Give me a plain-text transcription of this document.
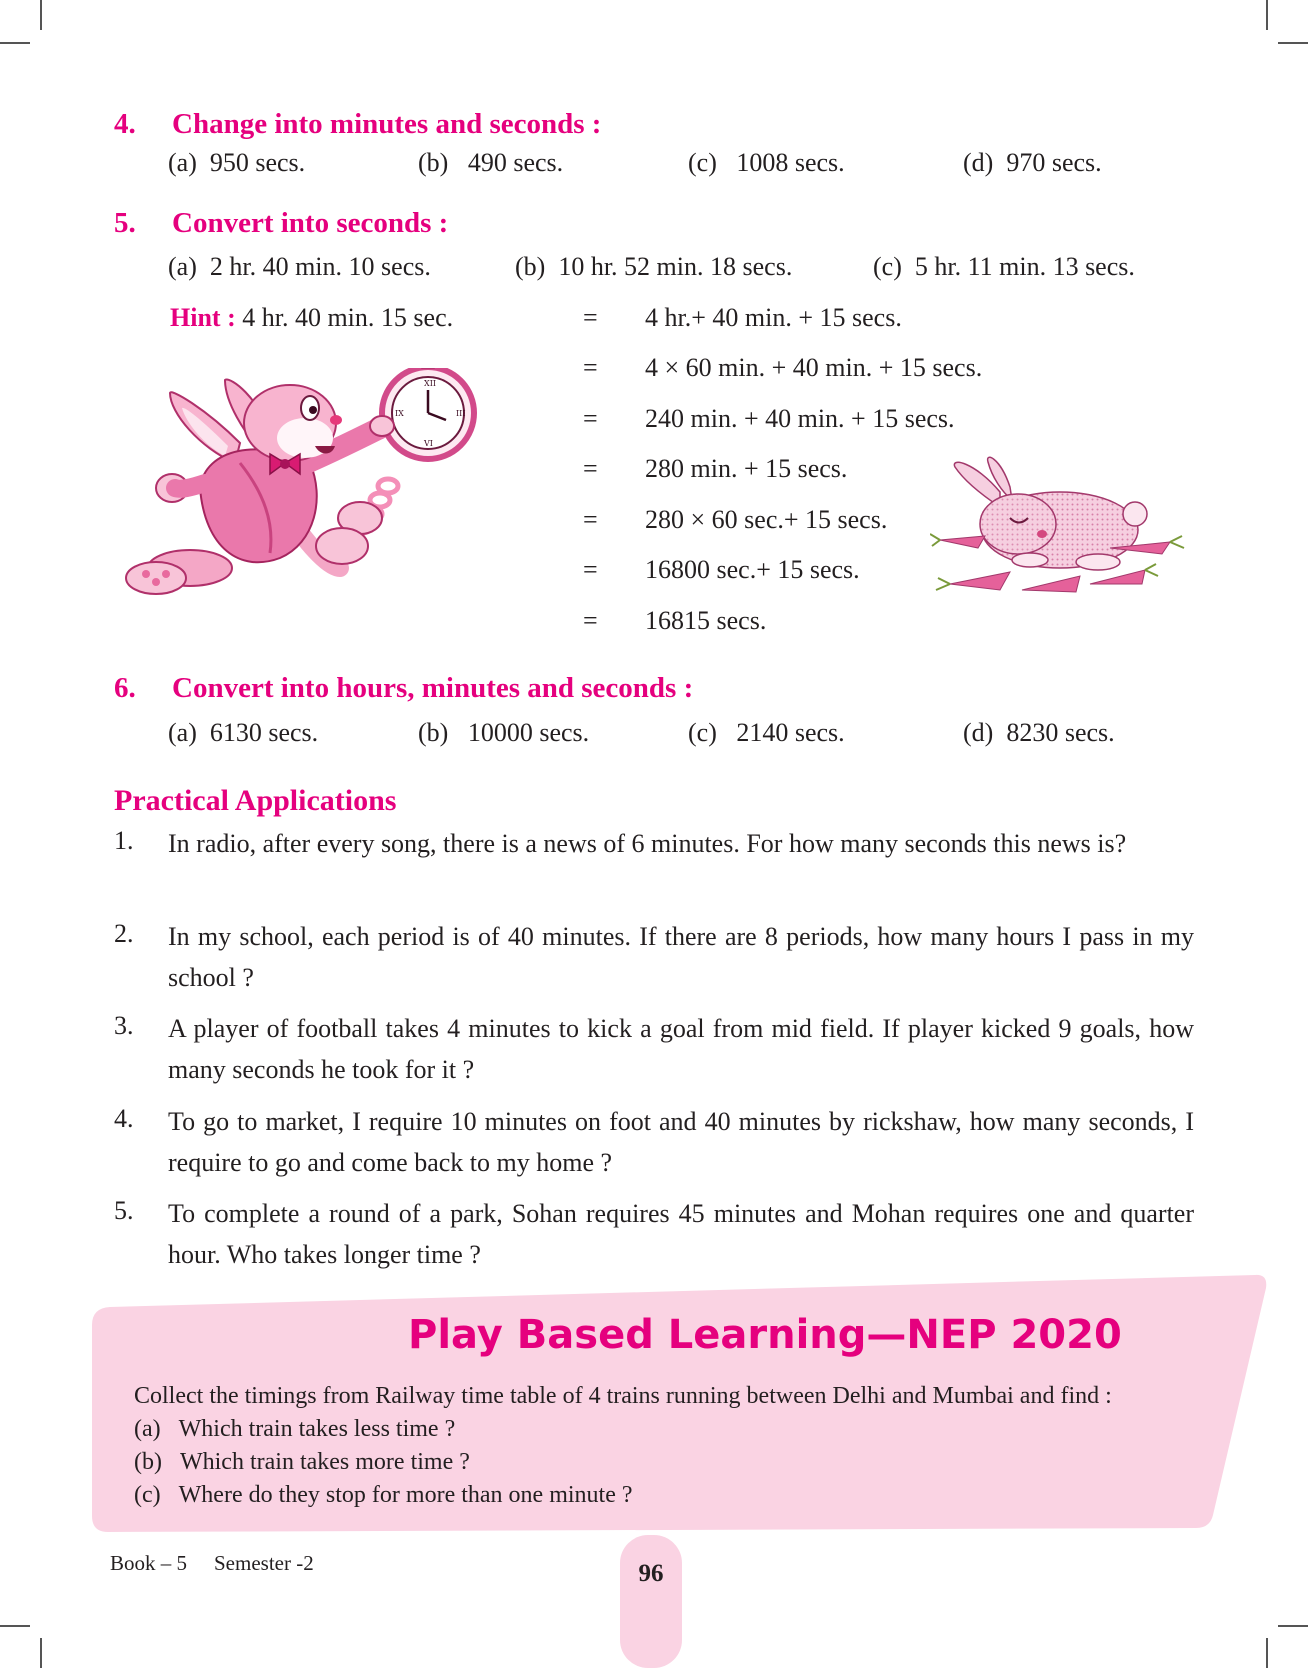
4. Change into minutes and seconds :
(a) 950 secs.	(b) 490 secs.	(c) 1008 secs.	(d) 970 secs.
5. Convert into seconds :
(a) 2 hr. 40 min. 10 secs.	(b) 10 hr. 52 min. 18 secs.	(c) 5 hr. 11 min. 13 secs.
Hint : 4 hr. 40 min. 15 sec.	= 4 hr.+ 40 min. + 15 secs.
= 4 × 60 min. + 40 min. + 15 secs.
= 240 min. + 40 min. + 15 secs.
= 280 min. + 15 secs.
= 280 × 60 sec.+ 15 secs.
= 16800 sec.+ 15 secs.
= 16815 secs.
XII
III
VI
IX
6. Convert into hours, minutes and seconds :
(a) 6130 secs.	(b) 10000 secs.	(c) 2140 secs.	(d) 8230 secs.
Practical Applications
1. In radio, after every song, there is a news of 6 minutes. For how many seconds this news is?
2. In my school, each period is of 40 minutes. If there are 8 periods, how many hours I pass in my school ?
3. A player of football takes 4 minutes to kick a goal from mid field. If player kicked 9 goals, how many seconds he took for it ?
4. To go to market, I require 10 minutes on foot and 40 minutes by rickshaw, how many seconds, I require to go and come back to my home ?
5. To complete a round of a park, Sohan requires 45 minutes and Mohan requires one and quarter hour. Who takes longer time ?
Play Based Learning—NEP 2020
Collect the timings from Railway time table of 4 trains running between Delhi and Mumbai and find :
(a) Which train takes less time ?
(b) Which train takes more time ?
(c) Where do they stop for more than one minute ?
Book – 5 Semester -2	96
